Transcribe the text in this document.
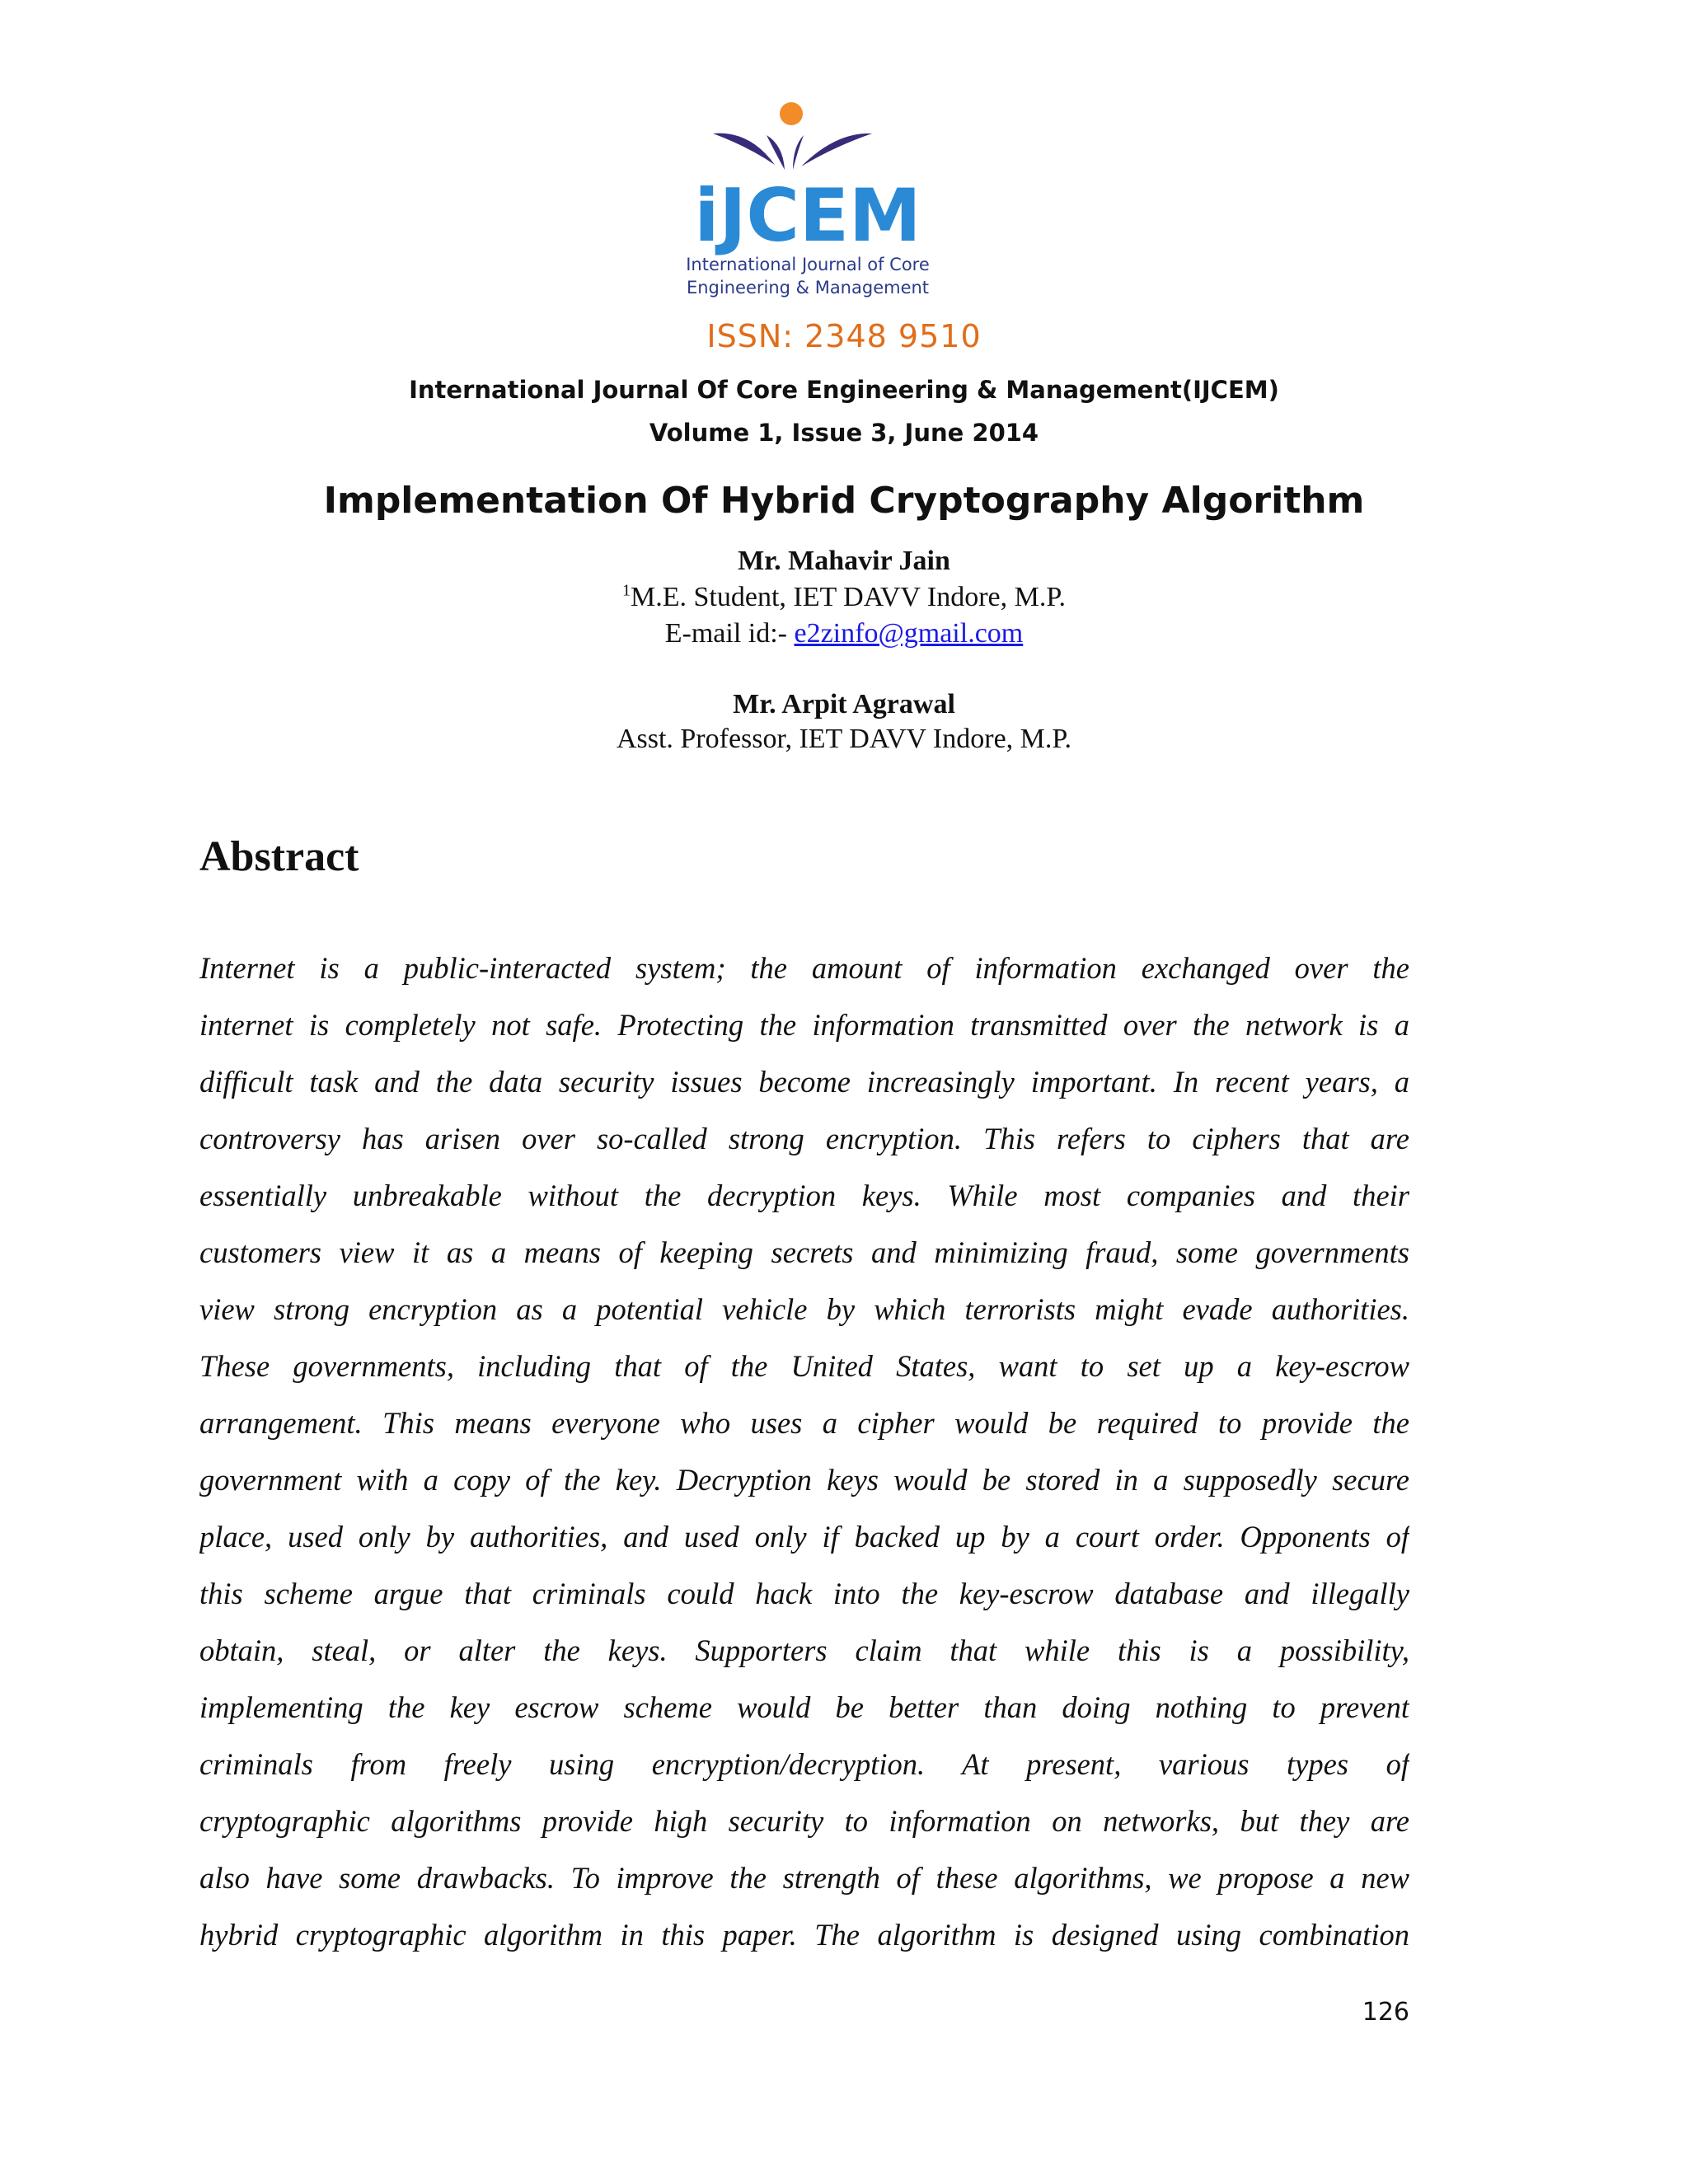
iJCEM
International Journal of Core
Engineering & Management
ISSN: 2348 9510
International Journal Of Core Engineering & Management(IJCEM)
Volume 1, Issue 3, June 2014
Implementation Of Hybrid Cryptography Algorithm
Mr. Mahavir Jain
$^1$M.E. Student, IET DAVV Indore, M.P.
E-mail id:- e2zinfo@gmail.com
Mr. Arpit Agrawal
Asst. Professor, IET DAVV Indore, M.P.
Abstract
Internet is a public-interacted system; the amount of information exchanged over the
internet is completely not safe. Protecting the information transmitted over the network is a
difficult task and the data security issues become increasingly important. In recent years, a
controversy has arisen over so-called strong encryption. This refers to ciphers that are
essentially unbreakable without the decryption keys. While most companies and their
customers view it as a means of keeping secrets and minimizing fraud, some governments
view strong encryption as a potential vehicle by which terrorists might evade authorities.
These governments, including that of the United States, want to set up a key-escrow
arrangement. This means everyone who uses a cipher would be required to provide the
government with a copy of the key. Decryption keys would be stored in a supposedly secure
place, used only by authorities, and used only if backed up by a court order. Opponents of
this scheme argue that criminals could hack into the key-escrow database and illegally
obtain, steal, or alter the keys. Supporters claim that while this is a possibility,
implementing the key escrow scheme would be better than doing nothing to prevent
criminals from freely using encryption/decryption. At present, various types of
cryptographic algorithms provide high security to information on networks, but they are
also have some drawbacks. To improve the strength of these algorithms, we propose a new
hybrid cryptographic algorithm in this paper. The algorithm is designed using combination
126
